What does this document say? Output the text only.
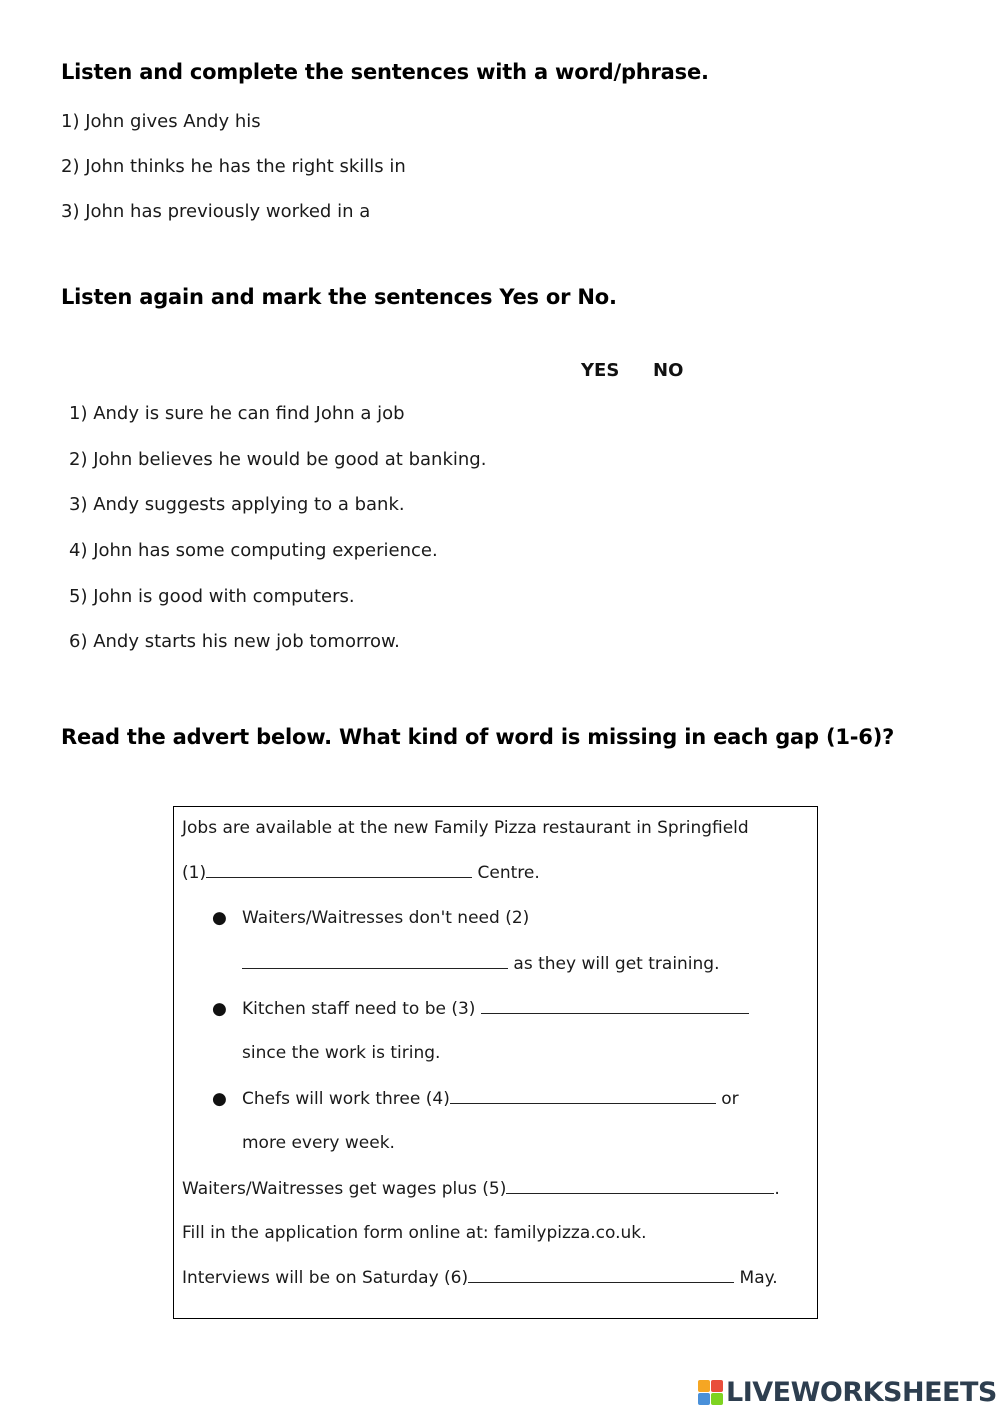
Listen and complete the sentences with a word/phrase.
1) John gives Andy his
2) John thinks he has the right skills in
3) John has previously worked in a
Listen again and mark the sentences Yes or No.
YES NO
1) Andy is sure he can find John a job
2) John believes he would be good at banking.
3) Andy suggests applying to a bank.
4) John has some computing experience.
5) John is good with computers.
6) Andy starts his new job tomorrow.
Read the advert below. What kind of word is missing in each gap (1-6)?
Jobs are available at the new Family Pizza restaurant in Springfield
(1)	Centre.
● Waiters/Waitresses don't need (2)
as they will get training.
● Kitchen staff need to be (3)
since the work is tiring.
● Chefs will work three (4)	or
more every week.
Waiters/Waitresses get wages plus (5)	.
Fill in the application form online at: familypizza.co.uk.
Interviews will be on Saturday (6)	May.
LIVEWORKSHEETS
